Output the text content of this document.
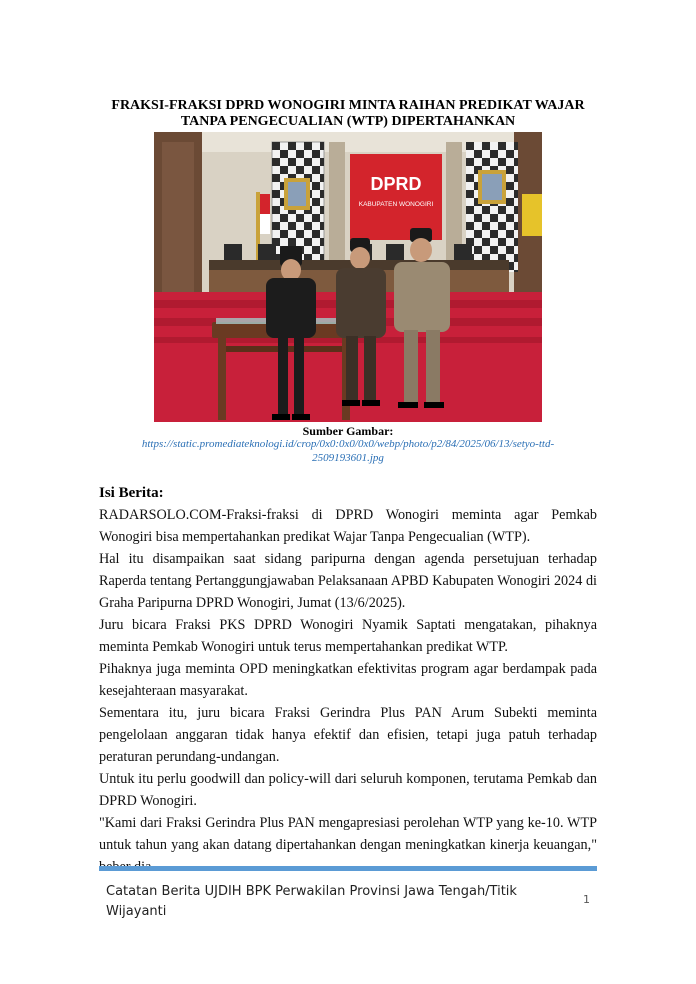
FRAKSI-FRAKSI DPRD WONOGIRI MINTA RAIHAN PREDIKAT WAJAR TANPA PENGECUALIAN (WTP) DIPERTAHANKAN
DPRD
KABUPATEN WONOGIRI
Sumber Gambar:
https://static.promediateknologi.id/crop/0x0:0x0/0x0/webp/photo/p2/84/2025/06/13/setyo-ttd-2509193601.jpg
Isi Berita:

RADARSOLO.COM-Fraksi-fraksi di DPRD Wonogiri meminta agar Pemkab Wonogiri bisa mempertahankan predikat Wajar Tanpa Pengecualian (WTP).

Hal itu disampaikan saat sidang paripurna dengan agenda persetujuan terhadap Raperda tentang Pertanggungjawaban Pelaksanaan APBD Kabupaten Wonogiri 2024 di Graha Paripurna DPRD Wonogiri, Jumat (13/6/2025).

Juru bicara Fraksi PKS DPRD Wonogiri Nyamik Saptati mengatakan, pihaknya meminta Pemkab Wonogiri untuk terus mempertahankan predikat WTP.

Pihaknya juga meminta OPD meningkatkan efektivitas program agar berdampak pada kesejahteraan masyarakat.

Sementara itu, juru bicara Fraksi Gerindra Plus PAN Arum Subekti meminta pengelolaan anggaran tidak hanya efektif dan efisien, tetapi juga patuh terhadap peraturan perundang-undangan.

Untuk itu perlu goodwill dan policy-will dari seluruh komponen, terutama Pemkab dan DPRD Wonogiri.

"Kami dari Fraksi Gerindra Plus PAN mengapresiasi perolehan WTP yang ke-10. WTP untuk tahun yang akan datang dipertahankan dengan meningkatkan kinerja keuangan,"

Catatan Berita UJDIH BPK Perwakilan Provinsi Jawa Tengah/Titik Wijayanti
1
